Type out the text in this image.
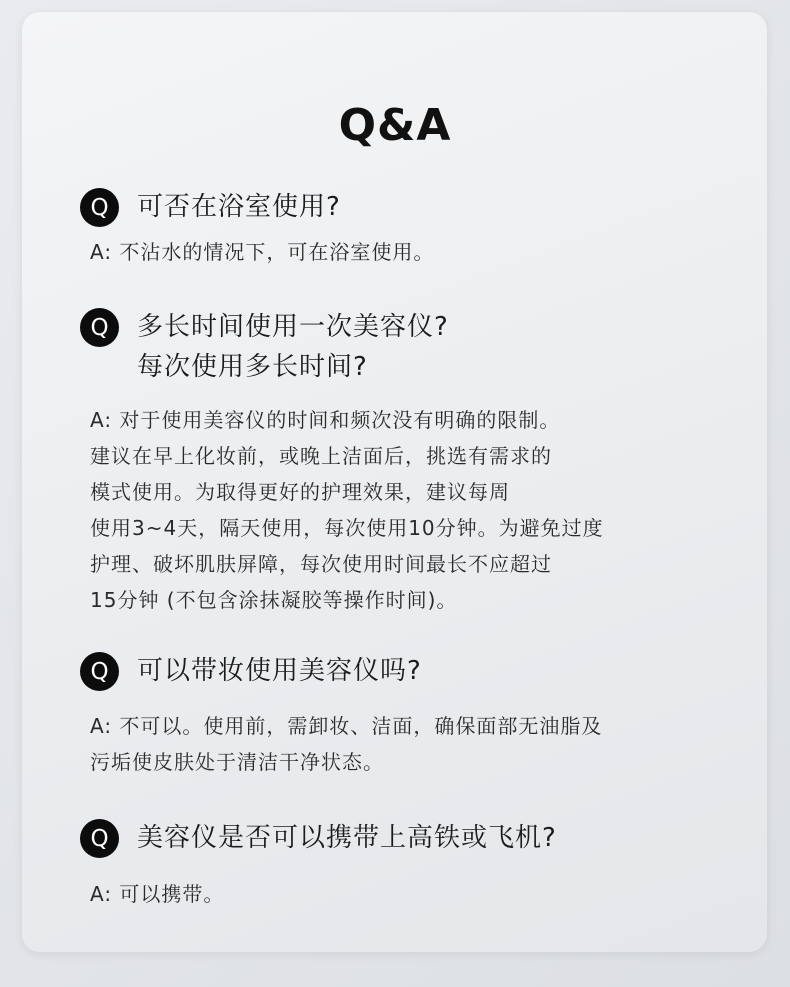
Q&A
Q	可否在浴室使用?
A: 不沾水的情况下，可在浴室使用。
Q	多长时间使用一次美容仪?
每次使用多长时间?
A: 对于使用美容仪的时间和频次没有明确的限制。
建议在早上化妆前，或晚上洁面后，挑选有需求的
模式使用。为取得更好的护理效果，建议每周
使用3~4天，隔天使用，每次使用10分钟。为避免过度
护理、破坏肌肤屏障，每次使用时间最长不应超过
15分钟 (不包含涂抹凝胶等操作时间)。
Q	可以带妆使用美容仪吗?
A: 不可以。使用前，需卸妆、洁面，确保面部无油脂及
污垢使皮肤处于清洁干净状态。
Q	美容仪是否可以携带上高铁或飞机?
A: 可以携带。
